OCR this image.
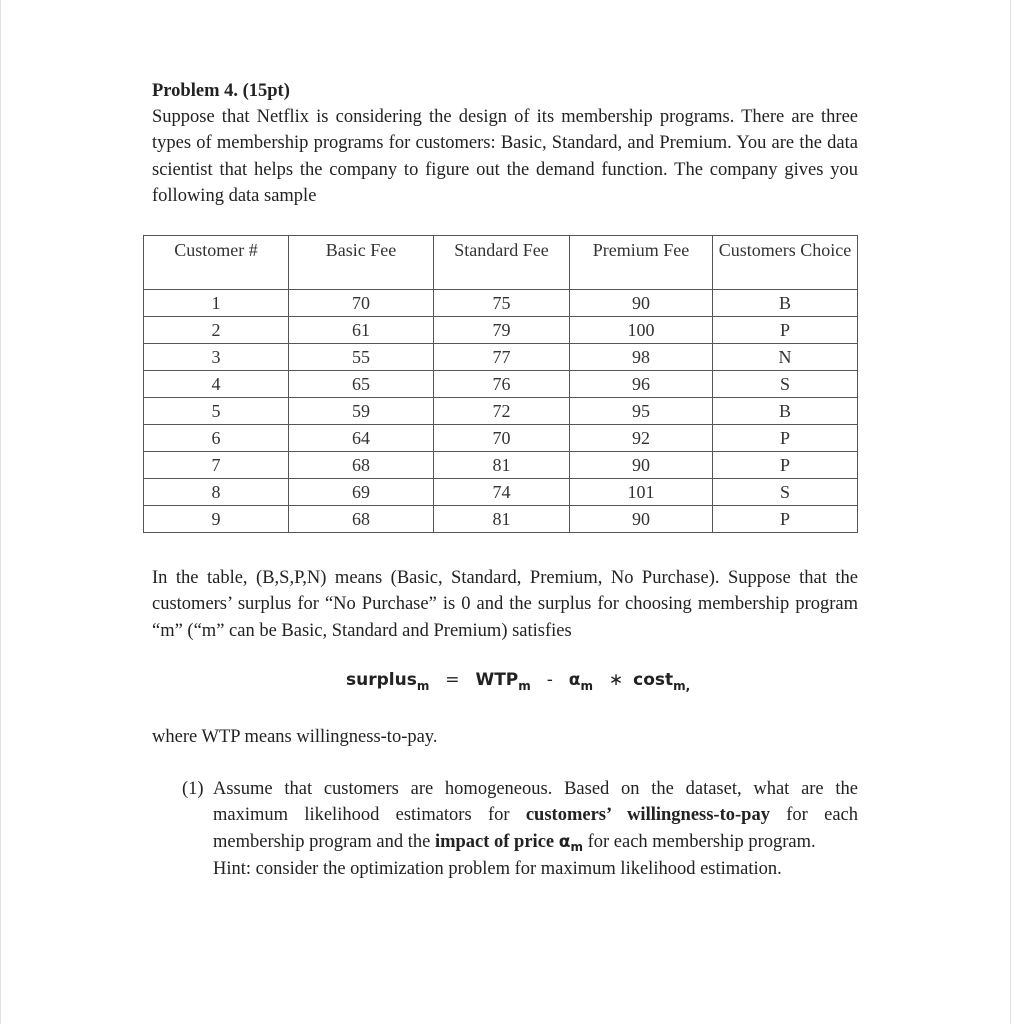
Problem 4. (15pt)

Suppose that Netflix is considering the design of its membership programs. There are three types of membership programs for customers: Basic, Standard, and Premium. You are the data scientist that helps the company to figure out the demand function. The company gives you following data sample

Customer #	Basic Fee	Standard Fee	Premium Fee	Customers Choice
1	70	75	90	B
2	61	79	100	P
3	55	77	98	N
4	65	76	96	S
5	59	72	95	B
6	64	70	92	P
7	68	81	90	P
8	69	74	101	S
9	68	81	90	P

In the table, (B,S,P,N) means (Basic, Standard, Premium, No Purchase). Suppose that the customers’ surplus for “No Purchase” is 0 and the surplus for choosing membership program “m” (“m” can be Basic, Standard and Premium) satisfies

surplus$_m$ = $WTP_m - \alpha_m$ ∗ cost$_{m,}$
where WTP means willingness-to-pay.
(1) Assume that customers are homogeneous. Based on the dataset, what are the maximum likelihood estimators for customers’ willingness-to-pay for each membership program and the impact of price $\alpha_m$ for each membership program.
Hint: consider the optimization problem for maximum likelihood estimation.
